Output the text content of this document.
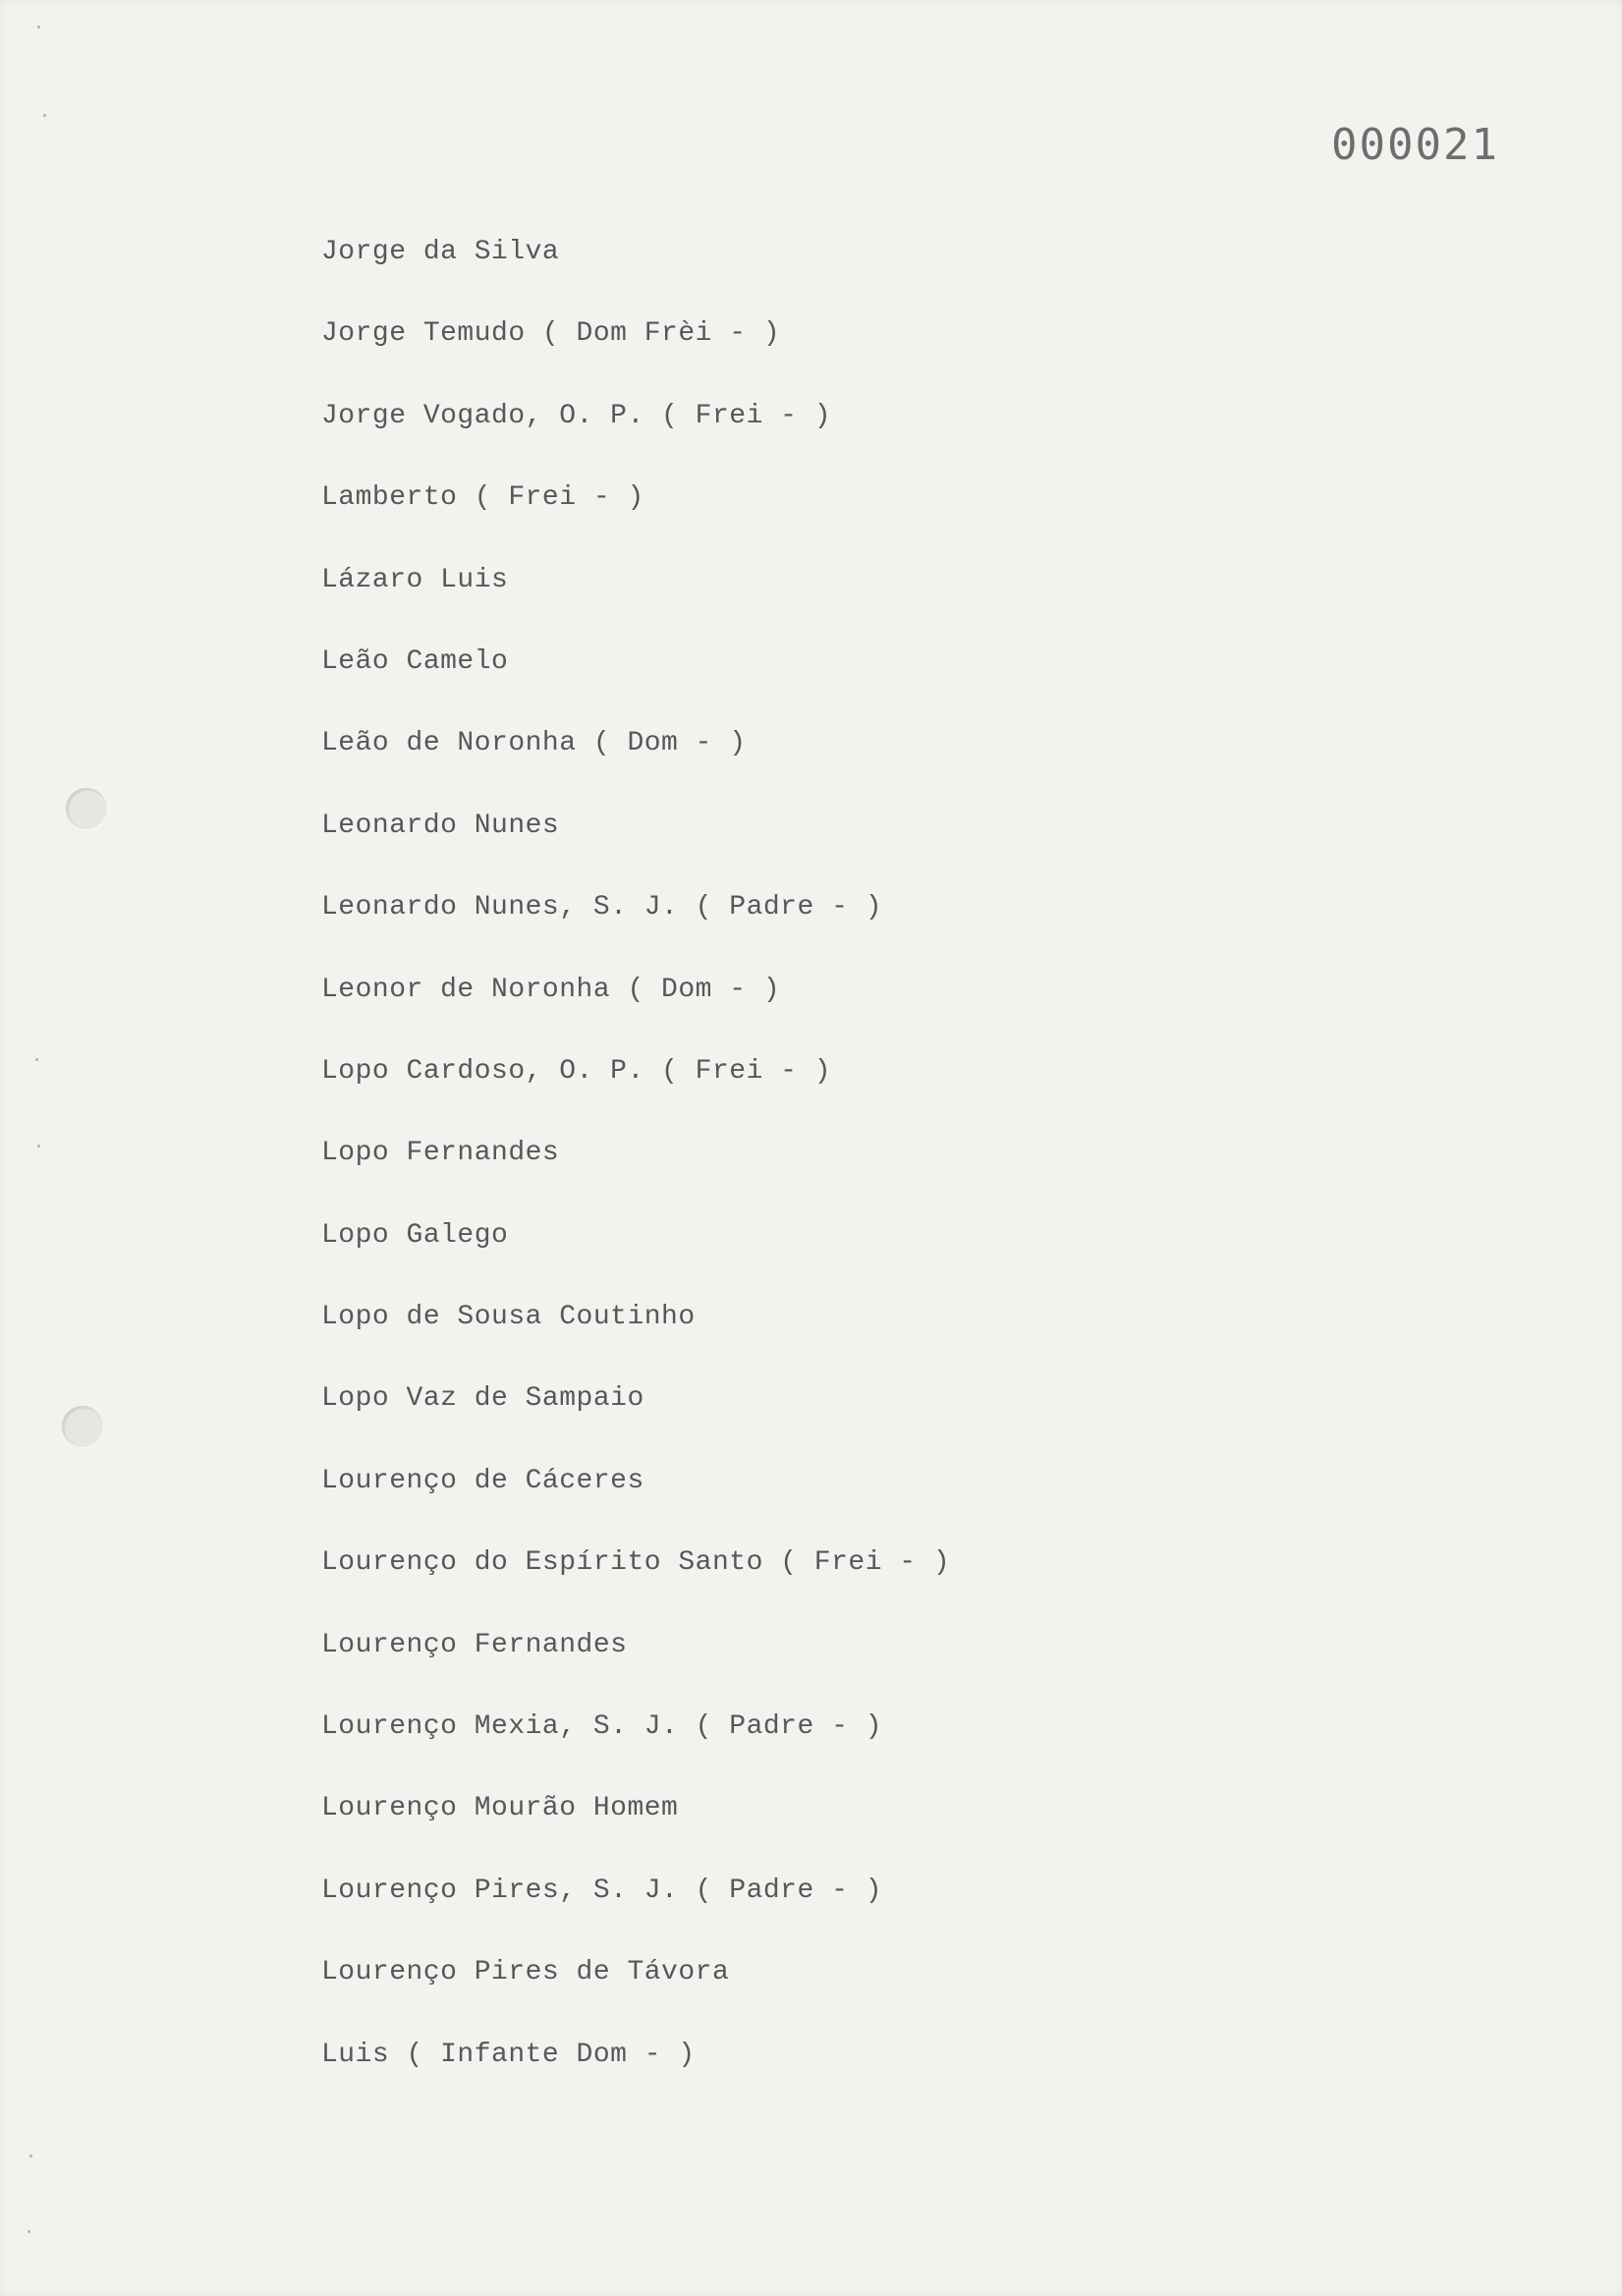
000021
Jorge da Silva
Jorge Temudo ( Dom Frèi - )
Jorge Vogado, O. P. ( Frei - )
Lamberto ( Frei - )
Lázaro Luis
Leão Camelo
Leão de Noronha ( Dom - )
Leonardo Nunes
Leonardo Nunes, S. J. ( Padre - )
Leonor de Noronha ( Dom - )
Lopo Cardoso, O. P. ( Frei - )
Lopo Fernandes
Lopo Galego
Lopo de Sousa Coutinho
Lopo Vaz de Sampaio
Lourenço de Cáceres
Lourenço do Espírito Santo ( Frei - )
Lourenço Fernandes
Lourenço Mexia, S. J. ( Padre - )
Lourenço Mourão Homem
Lourenço Pires, S. J. ( Padre - )
Lourenço Pires de Távora
Luis ( Infante Dom - )
